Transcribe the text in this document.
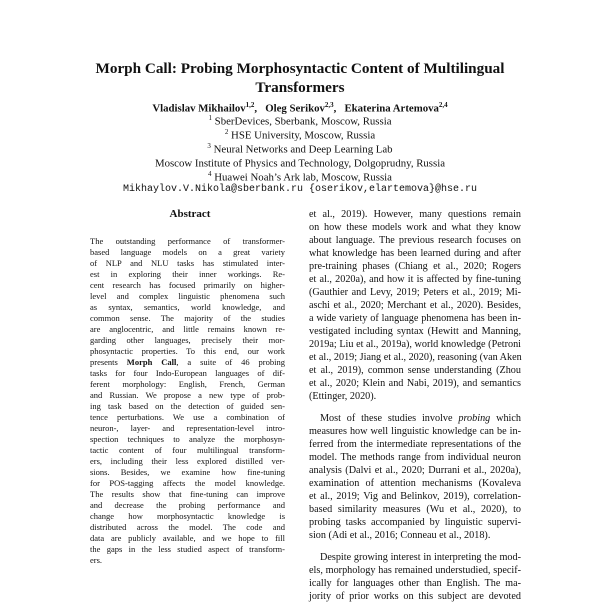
Morph Call: Probing Morphosyntactic Content of Multilingual
Transformers
Vladislav Mikhailov$^{1,2}$,   Oleg Serikov$^{2,3}$,   Ekaterina Artemova$^{2,4}$
$^1$ SberDevices, Sberbank, Moscow, Russia
$^2$ HSE University, Moscow, Russia
$^3$ Neural Networks and Deep Learning Lab
Moscow Institute of Physics and Technology, Dolgoprudny, Russia
$^4$ Huawei Noah’s Ark lab, Moscow, Russia
Mikhaylov.V.Nikola@sberbank.ru {oserikov,elartemova}@hse.ru
Abstract
The outstanding performance of transformer-
based language models on a great variety
of NLP and NLU tasks has stimulated inter-
est in exploring their inner workings. Re-
cent research has focused primarily on higher-
level and complex linguistic phenomena such
as syntax, semantics, world knowledge, and
common sense. The majority of the studies
are anglocentric, and little remains known re-
garding other languages, precisely their mor-
phosyntactic properties. To this end, our work
presents Morph Call, a suite of 46 probing
tasks for four Indo-European languages of dif-
ferent morphology: English, French, German
and Russian. We propose a new type of prob-
ing task based on the detection of guided sen-
tence perturbations. We use a combination of
neuron-, layer- and representation-level intro-
spection techniques to analyze the morphosyn-
tactic content of four multilingual transform-
ers, including their less explored distilled ver-
sions. Besides, we examine how fine-tuning
for POS-tagging affects the model knowledge.
The results show that fine-tuning can improve
and decrease the probing performance and
change how morphosyntactic knowledge is
distributed across the model. The code and
data are publicly available, and we hope to fill
the gaps in the less studied aspect of transform-
ers.
et al., 2019). However, many questions remain
on how these models work and what they know
about language. The previous research focuses on
what knowledge has been learned during and after
pre-training phases (Chiang et al., 2020; Rogers
et al., 2020a), and how it is affected by fine-tuning
(Gauthier and Levy, 2019; Peters et al., 2019; Mi-
aschi et al., 2020; Merchant et al., 2020). Besides,
a wide variety of language phenomena has been in-
vestigated including syntax (Hewitt and Manning,
2019a; Liu et al., 2019a), world knowledge (Petroni
et al., 2019; Jiang et al., 2020), reasoning (van Aken
et al., 2019), common sense understanding (Zhou
et al., 2020; Klein and Nabi, 2019), and semantics
(Ettinger, 2020).
Most of these studies involve probing which
measures how well linguistic knowledge can be in-
ferred from the intermediate representations of the
model. The methods range from individual neuron
analysis (Dalvi et al., 2020; Durrani et al., 2020a),
examination of attention mechanisms (Kovaleva
et al., 2019; Vig and Belinkov, 2019), correlation-
based similarity measures (Wu et al., 2020), to
probing tasks accompanied by linguistic supervi-
sion (Adi et al., 2016; Conneau et al., 2018).
Despite growing interest in interpreting the mod-
els, morphology has remained understudied, specif-
ically for languages other than English. The ma-
jority of prior works on this subject are devoted
